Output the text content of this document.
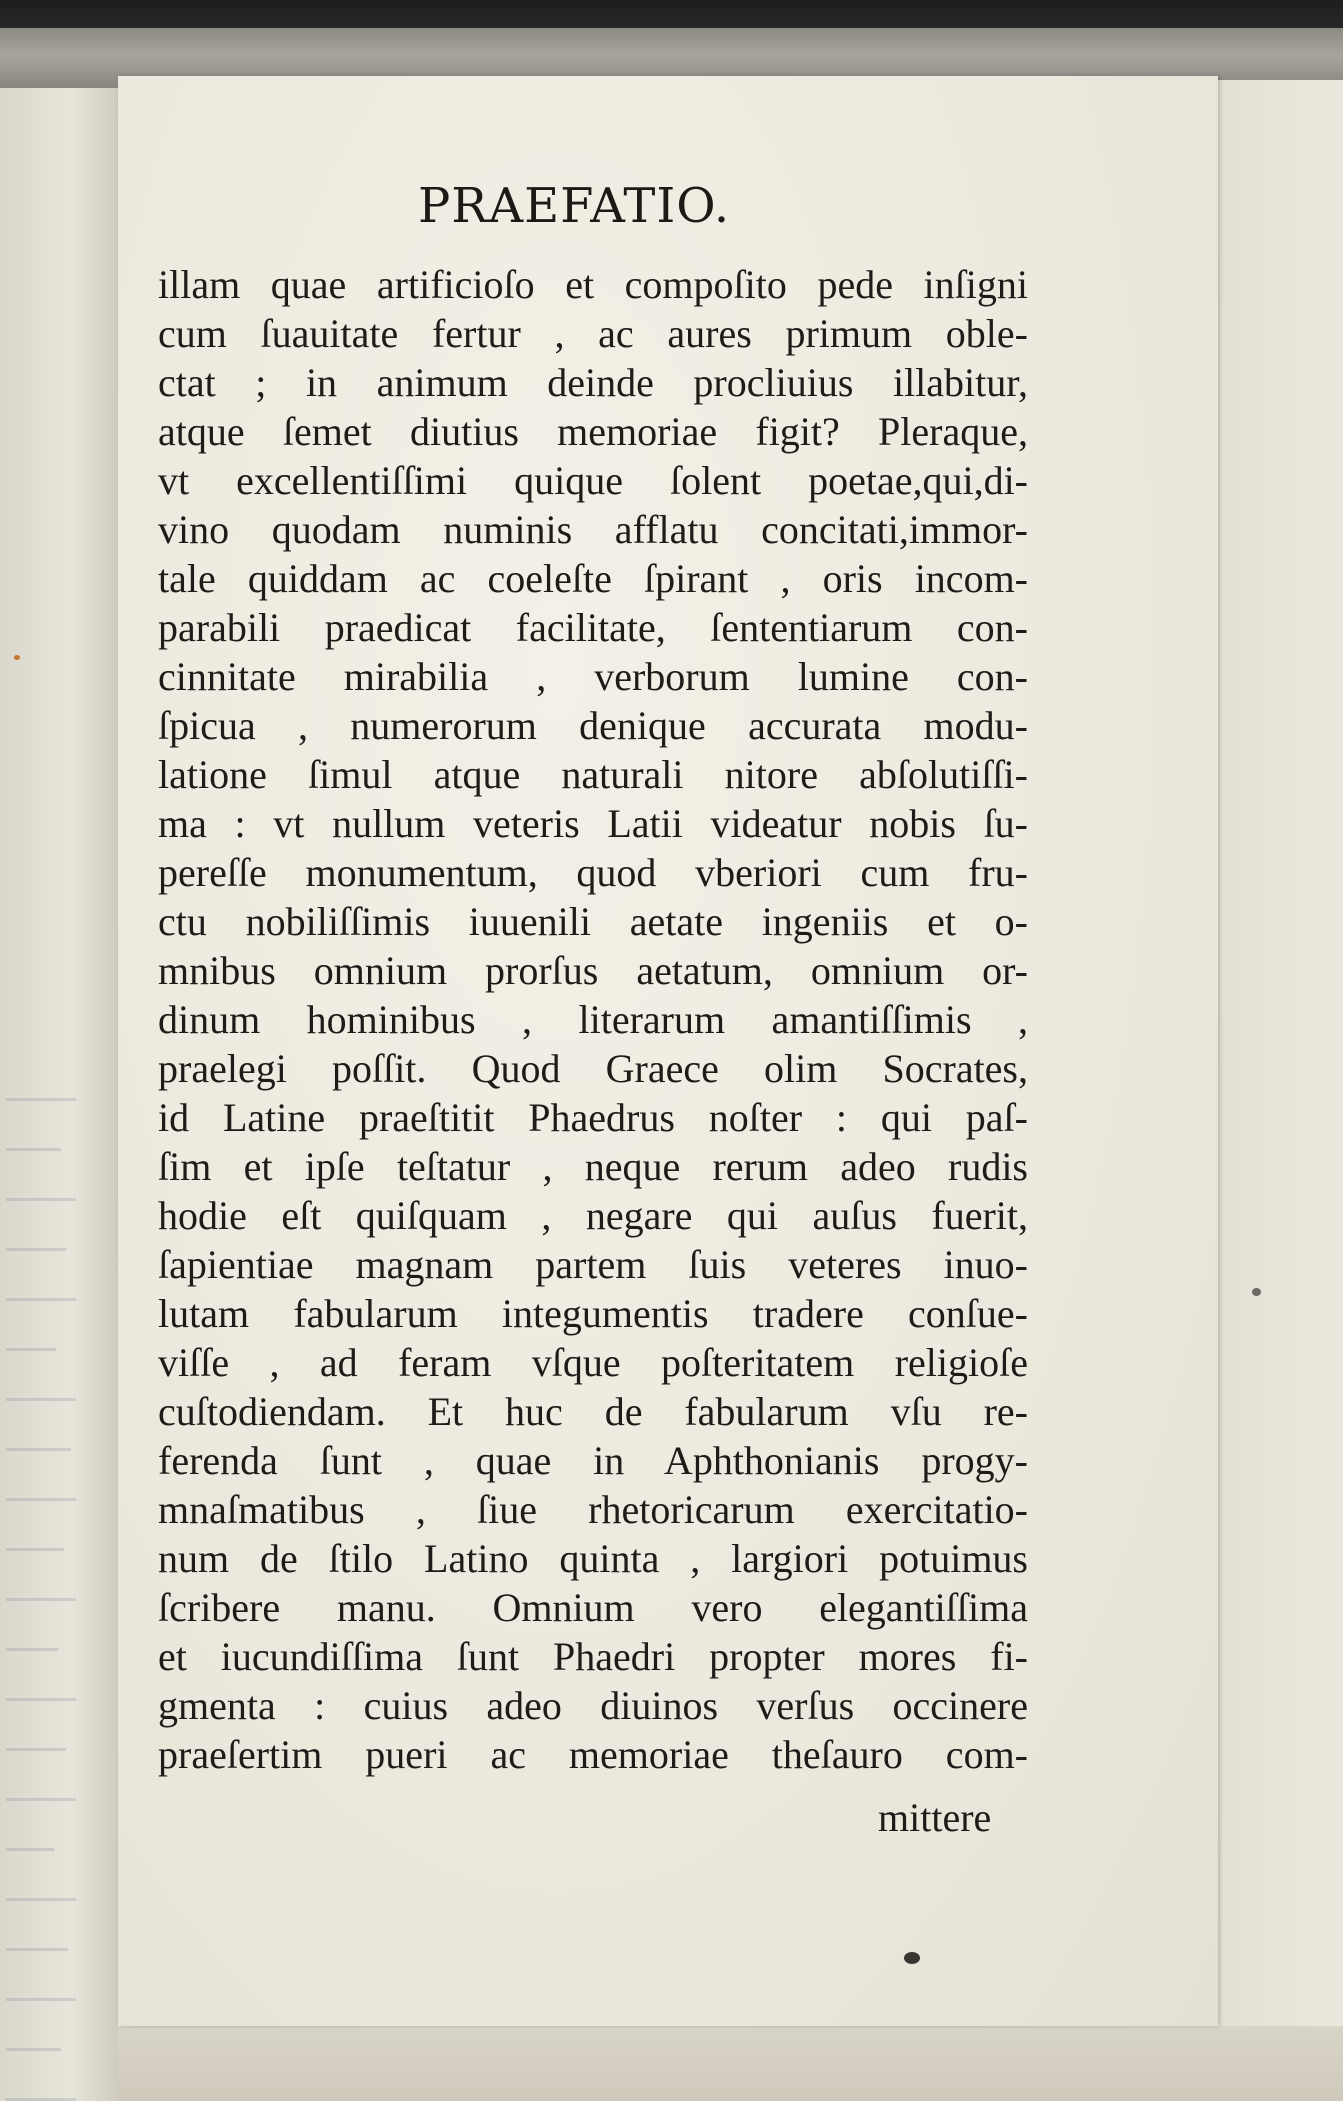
PRAEFATIO.
illam quae artificioſo et compoſito pede inſigni
cum ſuauitate fertur , ac aures primum oble-
ctat ; in animum deinde procliuius illabitur,
atque ſemet diutius memoriae figit? Pleraque,
vt excellentiſſimi quique ſolent poetae,qui,di-
vino quodam numinis afflatu concitati,immor-
tale quiddam ac coeleſte ſpirant , oris incom-
parabili praedicat facilitate, ſententiarum con-
cinnitate mirabilia , verborum lumine con-
ſpicua , numerorum denique accurata modu-
latione ſimul atque naturali nitore abſolutiſſi-
ma : vt nullum veteris Latii videatur nobis ſu-
pereſſe monumentum, quod vberiori cum fru-
ctu nobiliſſimis iuuenili aetate ingeniis et o-
mnibus omnium prorſus aetatum, omnium or-
dinum hominibus , literarum amantiſſimis ,
praelegi poſſit. Quod Graece olim Socrates,
id Latine praeſtitit Phaedrus noſter : qui paſ-
ſim et ipſe teſtatur , neque rerum adeo rudis
hodie eſt quiſquam , negare qui auſus fuerit,
ſapientiae magnam partem ſuis veteres inuo-
lutam fabularum integumentis tradere conſue-
viſſe , ad feram vſque poſteritatem religioſe
cuſtodiendam. Et huc de fabularum vſu re-
ferenda ſunt , quae in Aphthonianis progy-
mnaſmatibus , ſiue rhetoricarum exercitatio-
num de ſtilo Latino quinta , largiori potuimus
ſcribere manu. Omnium vero elegantiſſima
et iucundiſſima ſunt Phaedri propter mores fi-
gmenta : cuius adeo diuinos verſus occinere
praeſertim pueri ac memoriae theſauro com-
mittere
